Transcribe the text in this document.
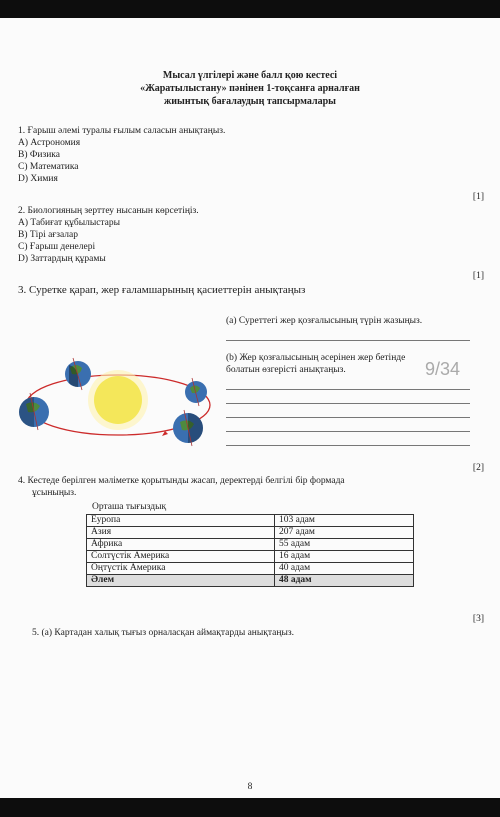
Мысал үлгілері және балл қою кестесі
«Жаратылыстану» пәнінен 1-тоқсанға арналған
жиынтық бағалаудың тапсырмалары
1. Ғарыш әлемі туралы ғылым саласын анықтаңыз.
A) Астрономия
B) Физика
C) Математика
D) Химия
[1]
2. Биологияның зерттеу нысанын көрсетіңіз.
A) Табиғат құбылыстары
B) Тірі ағзалар
C) Ғарыш денелері
D) Заттардың құрамы
[1]
3. Суретке қарап, жер ғаламшарының қасиеттерін анықтаңыз
(a) Суреттегі жер қозғалысының түрін жазыңыз.
(b) Жер қозғалысының әсерінен жер бетінде
болатын өзгерісті анықтаңыз.
[2]
4. Кестеде берілген мәліметке қорытынды жасап, деректерді белгілі бір формада
ұсыныңыз.
Орташа тығыздық
Еуропа	103 адам
Азия	207 адам
Африка	55 адам
Солтүстік Америка	16 адам
Оңтүстік Америка	40 адам
Әлем	48 адам
[3]
5. (a) Картадан халық тығыз орналасқан аймақтарды анықтаңыз.
8
9/34
